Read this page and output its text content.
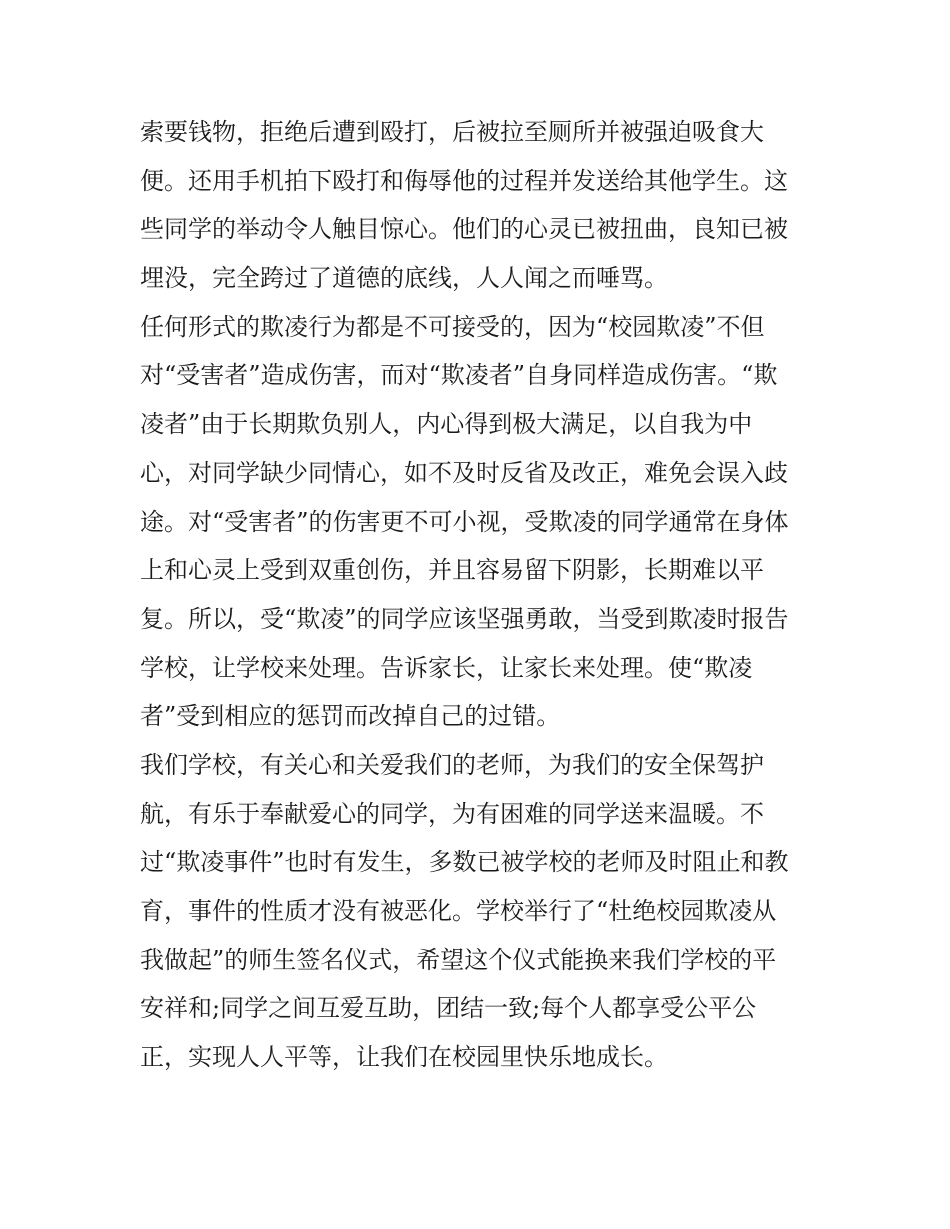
索要钱物，拒绝后遭到殴打，后被拉至厕所并被强迫吸食大
便。还用手机拍下殴打和侮辱他的过程并发送给其他学生。这
些同学的举动令人触目惊心。他们的心灵已被扭曲，良知已被
埋没，完全跨过了道德的底线，人人闻之而唾骂。
任何形式的欺凌行为都是不可接受的，因为“校园欺凌”不但
对“受害者”造成伤害，而对“欺凌者”自身同样造成伤害。“欺
凌者”由于长期欺负别人，内心得到极大满足，以自我为中
心，对同学缺少同情心，如不及时反省及改正，难免会误入歧
途。对“受害者”的伤害更不可小视，受欺凌的同学通常在身体
上和心灵上受到双重创伤，并且容易留下阴影，长期难以平
复。所以，受“欺凌”的同学应该坚强勇敢，当受到欺凌时报告
学校，让学校来处理。告诉家长，让家长来处理。使“欺凌
者”受到相应的惩罚而改掉自己的过错。
我们学校，有关心和关爱我们的老师，为我们的安全保驾护
航，有乐于奉献爱心的同学，为有困难的同学送来温暖。不
过“欺凌事件”也时有发生，多数已被学校的老师及时阻止和教
育，事件的性质才没有被恶化。学校举行了“杜绝校园欺凌从
我做起”的师生签名仪式，希望这个仪式能换来我们学校的平
安祥和;同学之间互爱互助，团结一致;每个人都享受公平公
正，实现人人平等，让我们在校园里快乐地成长。
